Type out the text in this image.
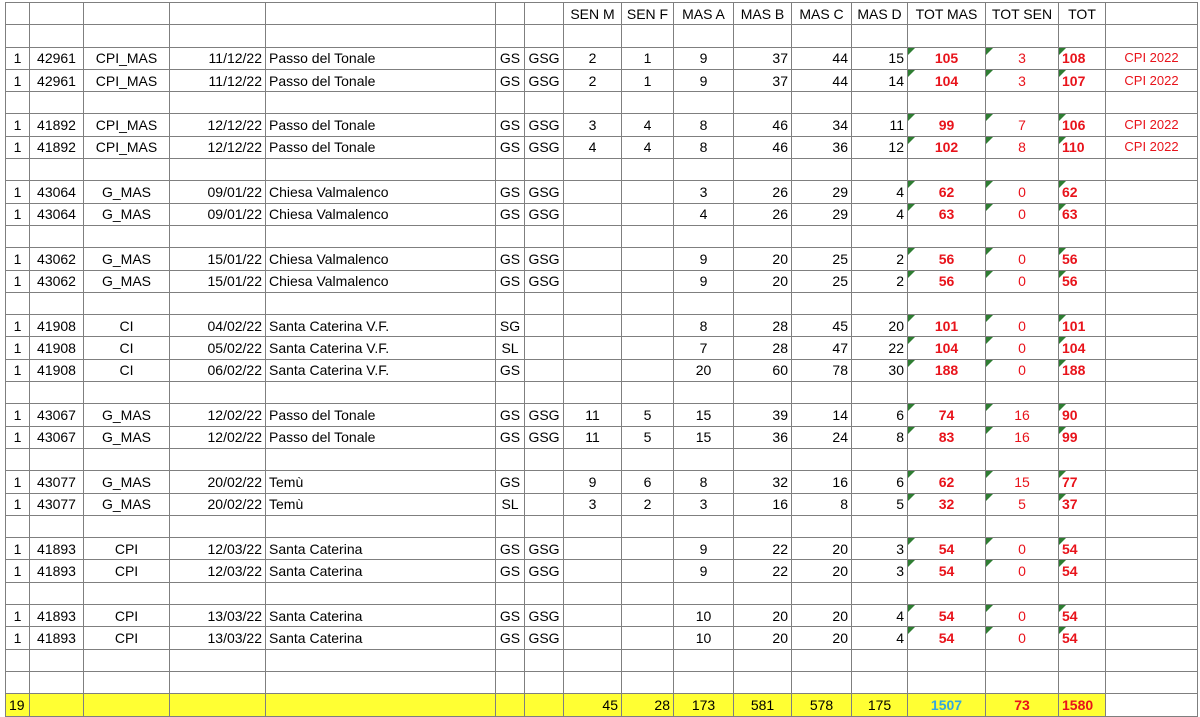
							SEN M	SEN F	MAS A	MAS B	MAS C	MAS D	TOT MAS	TOT SEN	TOT	

1	42961	CPI_MAS	11/12/22	Passo del Tonale	GS	GSG	2	1	9	37	44	15	105	3	108	CPI 2022
1	42961	CPI_MAS	11/12/22	Passo del Tonale	GS	GSG	2	1	9	37	44	14	104	3	107	CPI 2022

1	41892	CPI_MAS	12/12/22	Passo del Tonale	GS	GSG	3	4	8	46	34	11	99	7	106	CPI 2022
1	41892	CPI_MAS	12/12/22	Passo del Tonale	GS	GSG	4	4	8	46	36	12	102	8	110	CPI 2022

1	43064	G_MAS	09/01/22	Chiesa Valmalenco	GS	GSG			3	26	29	4	62	0	62	
1	43064	G_MAS	09/01/22	Chiesa Valmalenco	GS	GSG			4	26	29	4	63	0	63	

1	43062	G_MAS	15/01/22	Chiesa Valmalenco	GS	GSG			9	20	25	2	56	0	56	
1	43062	G_MAS	15/01/22	Chiesa Valmalenco	GS	GSG			9	20	25	2	56	0	56	

1	41908	CI	04/02/22	Santa Caterina V.F.	SG				8	28	45	20	101	0	101	
1	41908	CI	05/02/22	Santa Caterina V.F.	SL				7	28	47	22	104	0	104	
1	41908	CI	06/02/22	Santa Caterina V.F.	GS				20	60	78	30	188	0	188	

1	43067	G_MAS	12/02/22	Passo del Tonale	GS	GSG	11	5	15	39	14	6	74	16	90	
1	43067	G_MAS	12/02/22	Passo del Tonale	GS	GSG	11	5	15	36	24	8	83	16	99	

1	43077	G_MAS	20/02/22	Temù	GS		9	6	8	32	16	6	62	15	77	
1	43077	G_MAS	20/02/22	Temù	SL		3	2	3	16	8	5	32	5	37	

1	41893	CPI	12/03/22	Santa Caterina	GS	GSG			9	22	20	3	54	0	54	
1	41893	CPI	12/03/22	Santa Caterina	GS	GSG			9	22	20	3	54	0	54	

1	41893	CPI	13/03/22	Santa Caterina	GS	GSG			10	20	20	4	54	0	54	
1	41893	CPI	13/03/22	Santa Caterina	GS	GSG			10	20	20	4	54	0	54	

19							45	28	173	581	578	175	1507	73	1580	
